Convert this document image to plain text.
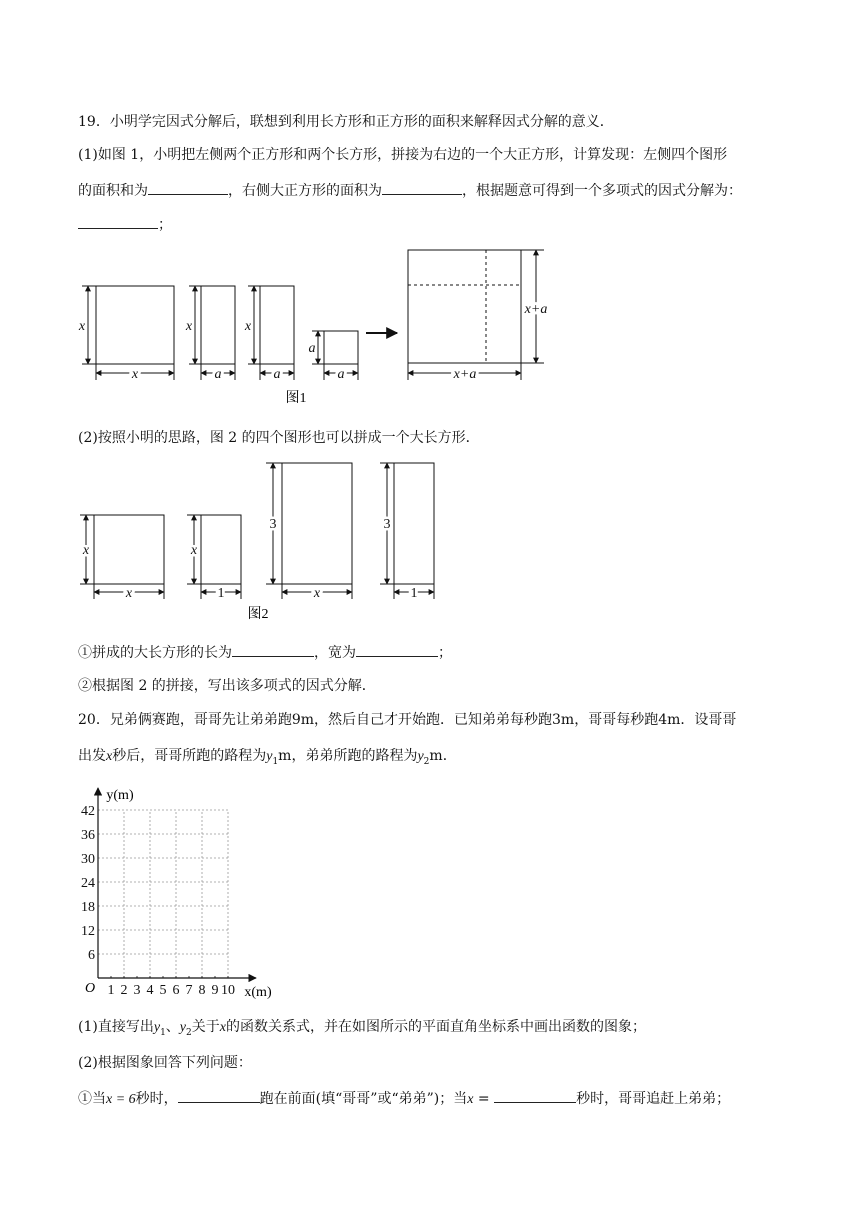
19．小明学完因式分解后，联想到利用长方形和正方形的面积来解释因式分解的意义．
(1)如图 1，小明把左侧两个正方形和两个长方形，拼接为右边的一个大正方形，计算发现：左侧四个图形
的面积和为	，右侧大正方形的面积为	，根据题意可得到一个多项式的因式分解为：
；
x
x
x
a
x
a
a
a
x+a
x+a
图1
(2)按照小明的思路，图 2 的四个图形也可以拼成一个大长方形．
x
x
x
1
3
x
3
1
图2
①拼成的大长方形的长为	，宽为	；
②根据图 2 的拼接，写出该多项式的因式分解．
20．兄弟俩赛跑，哥哥先让弟弟跑9m，然后自己才开始跑．已知弟弟每秒跑3m，哥哥每秒跑4m．设哥哥
出发x秒后，哥哥所跑的路程为$y_1m$，弟弟所跑的路程为$y_2m$．
6
12
18
24
30
36
42
1 2 3 4 5 6 7 8 9 10
O	x(m)
y(m)
(1)直接写出$y_1$、$y_2$关于x的函数关系式，并在如图所示的平面直角坐标系中画出函数的图象；
(2)根据图象回答下列问题：
①当x = 6秒时，	跑在前面(填“哥哥”或“弟弟”)；当x =	秒时，哥哥追赶上弟弟；
